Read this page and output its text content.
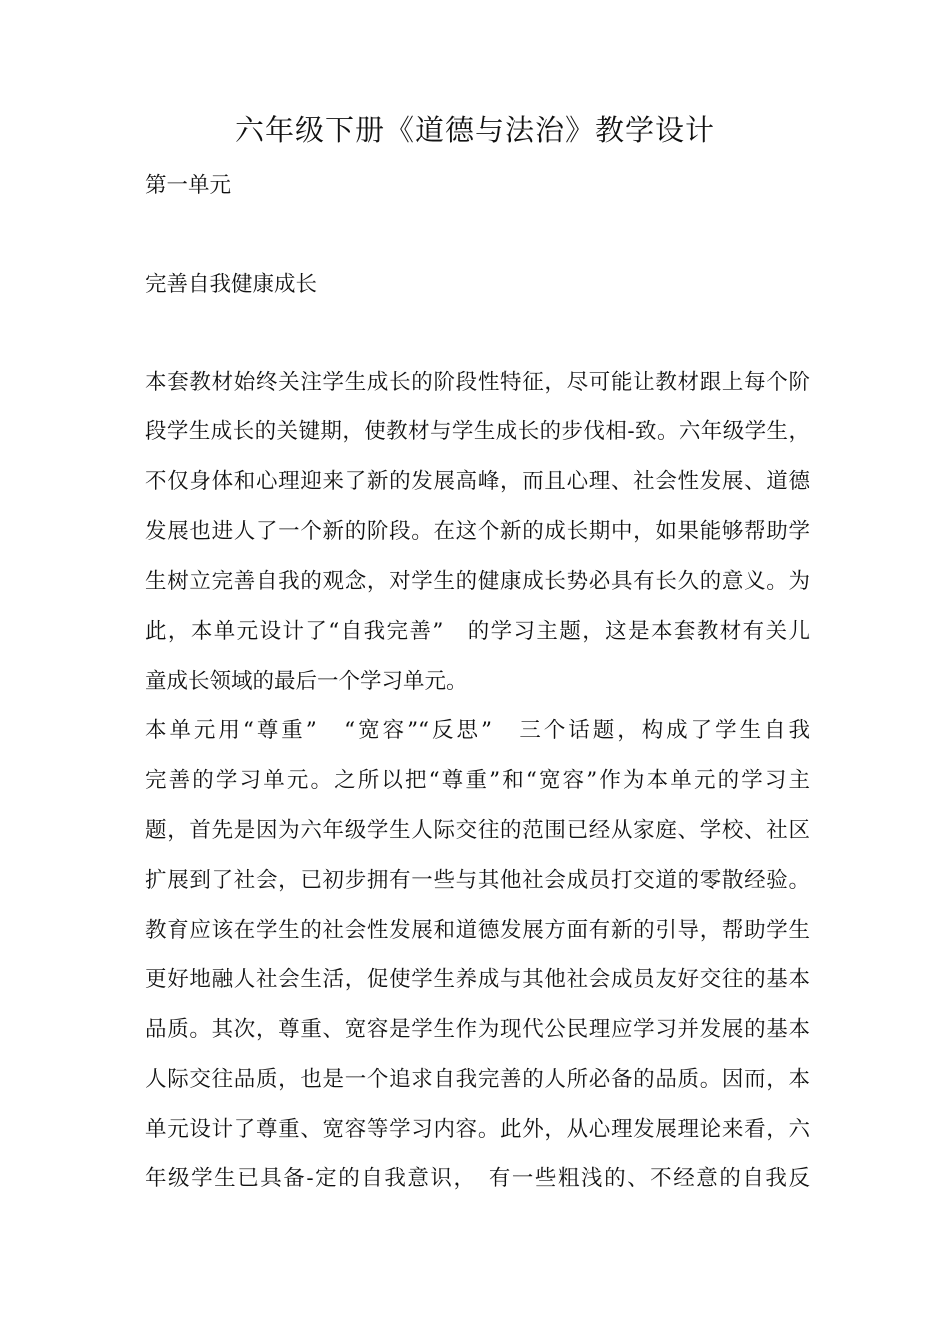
六年级下册《道德与法治》教学设计
第一单元
完善自我健康成长
本套教材始终关注学生成长的阶段性特征，尽可能让教材跟上每个阶
段学生成长的关键期，使教材与学生成长的步伐相-致。六年级学生，
不仅身体和心理迎来了新的发展高峰，而且心理、社会性发展、道德
发展也进人了一个新的阶段。在这个新的成长期中，如果能够帮助学
生树立完善自我的观念，对学生的健康成长势必具有长久的意义。为
此，本单元设计了“自我完善”　的学习主题，这是本套教材有关儿
童成长领域的最后一个学习单元。
本单元用“尊重”　“宽容”“反思”　三个话题，构成了学生自我
完善的学习单元。之所以把“尊重”和“宽容”作为本单元的学习主
题，首先是因为六年级学生人际交往的范围已经从家庭、学校、社区
扩展到了社会，已初步拥有一些与其他社会成员打交道的零散经验。
教育应该在学生的社会性发展和道德发展方面有新的引导，帮助学生
更好地融人社会生活，促使学生养成与其他社会成员友好交往的基本
品质。其次，尊重、宽容是学生作为现代公民理应学习并发展的基本
人际交往品质，也是一个追求自我完善的人所必备的品质。因而，本
单元设计了尊重、宽容等学习内容。此外，从心理发展理论来看，六
年级学生已具备-定的自我意识，　有一些粗浅的、不经意的自我反
